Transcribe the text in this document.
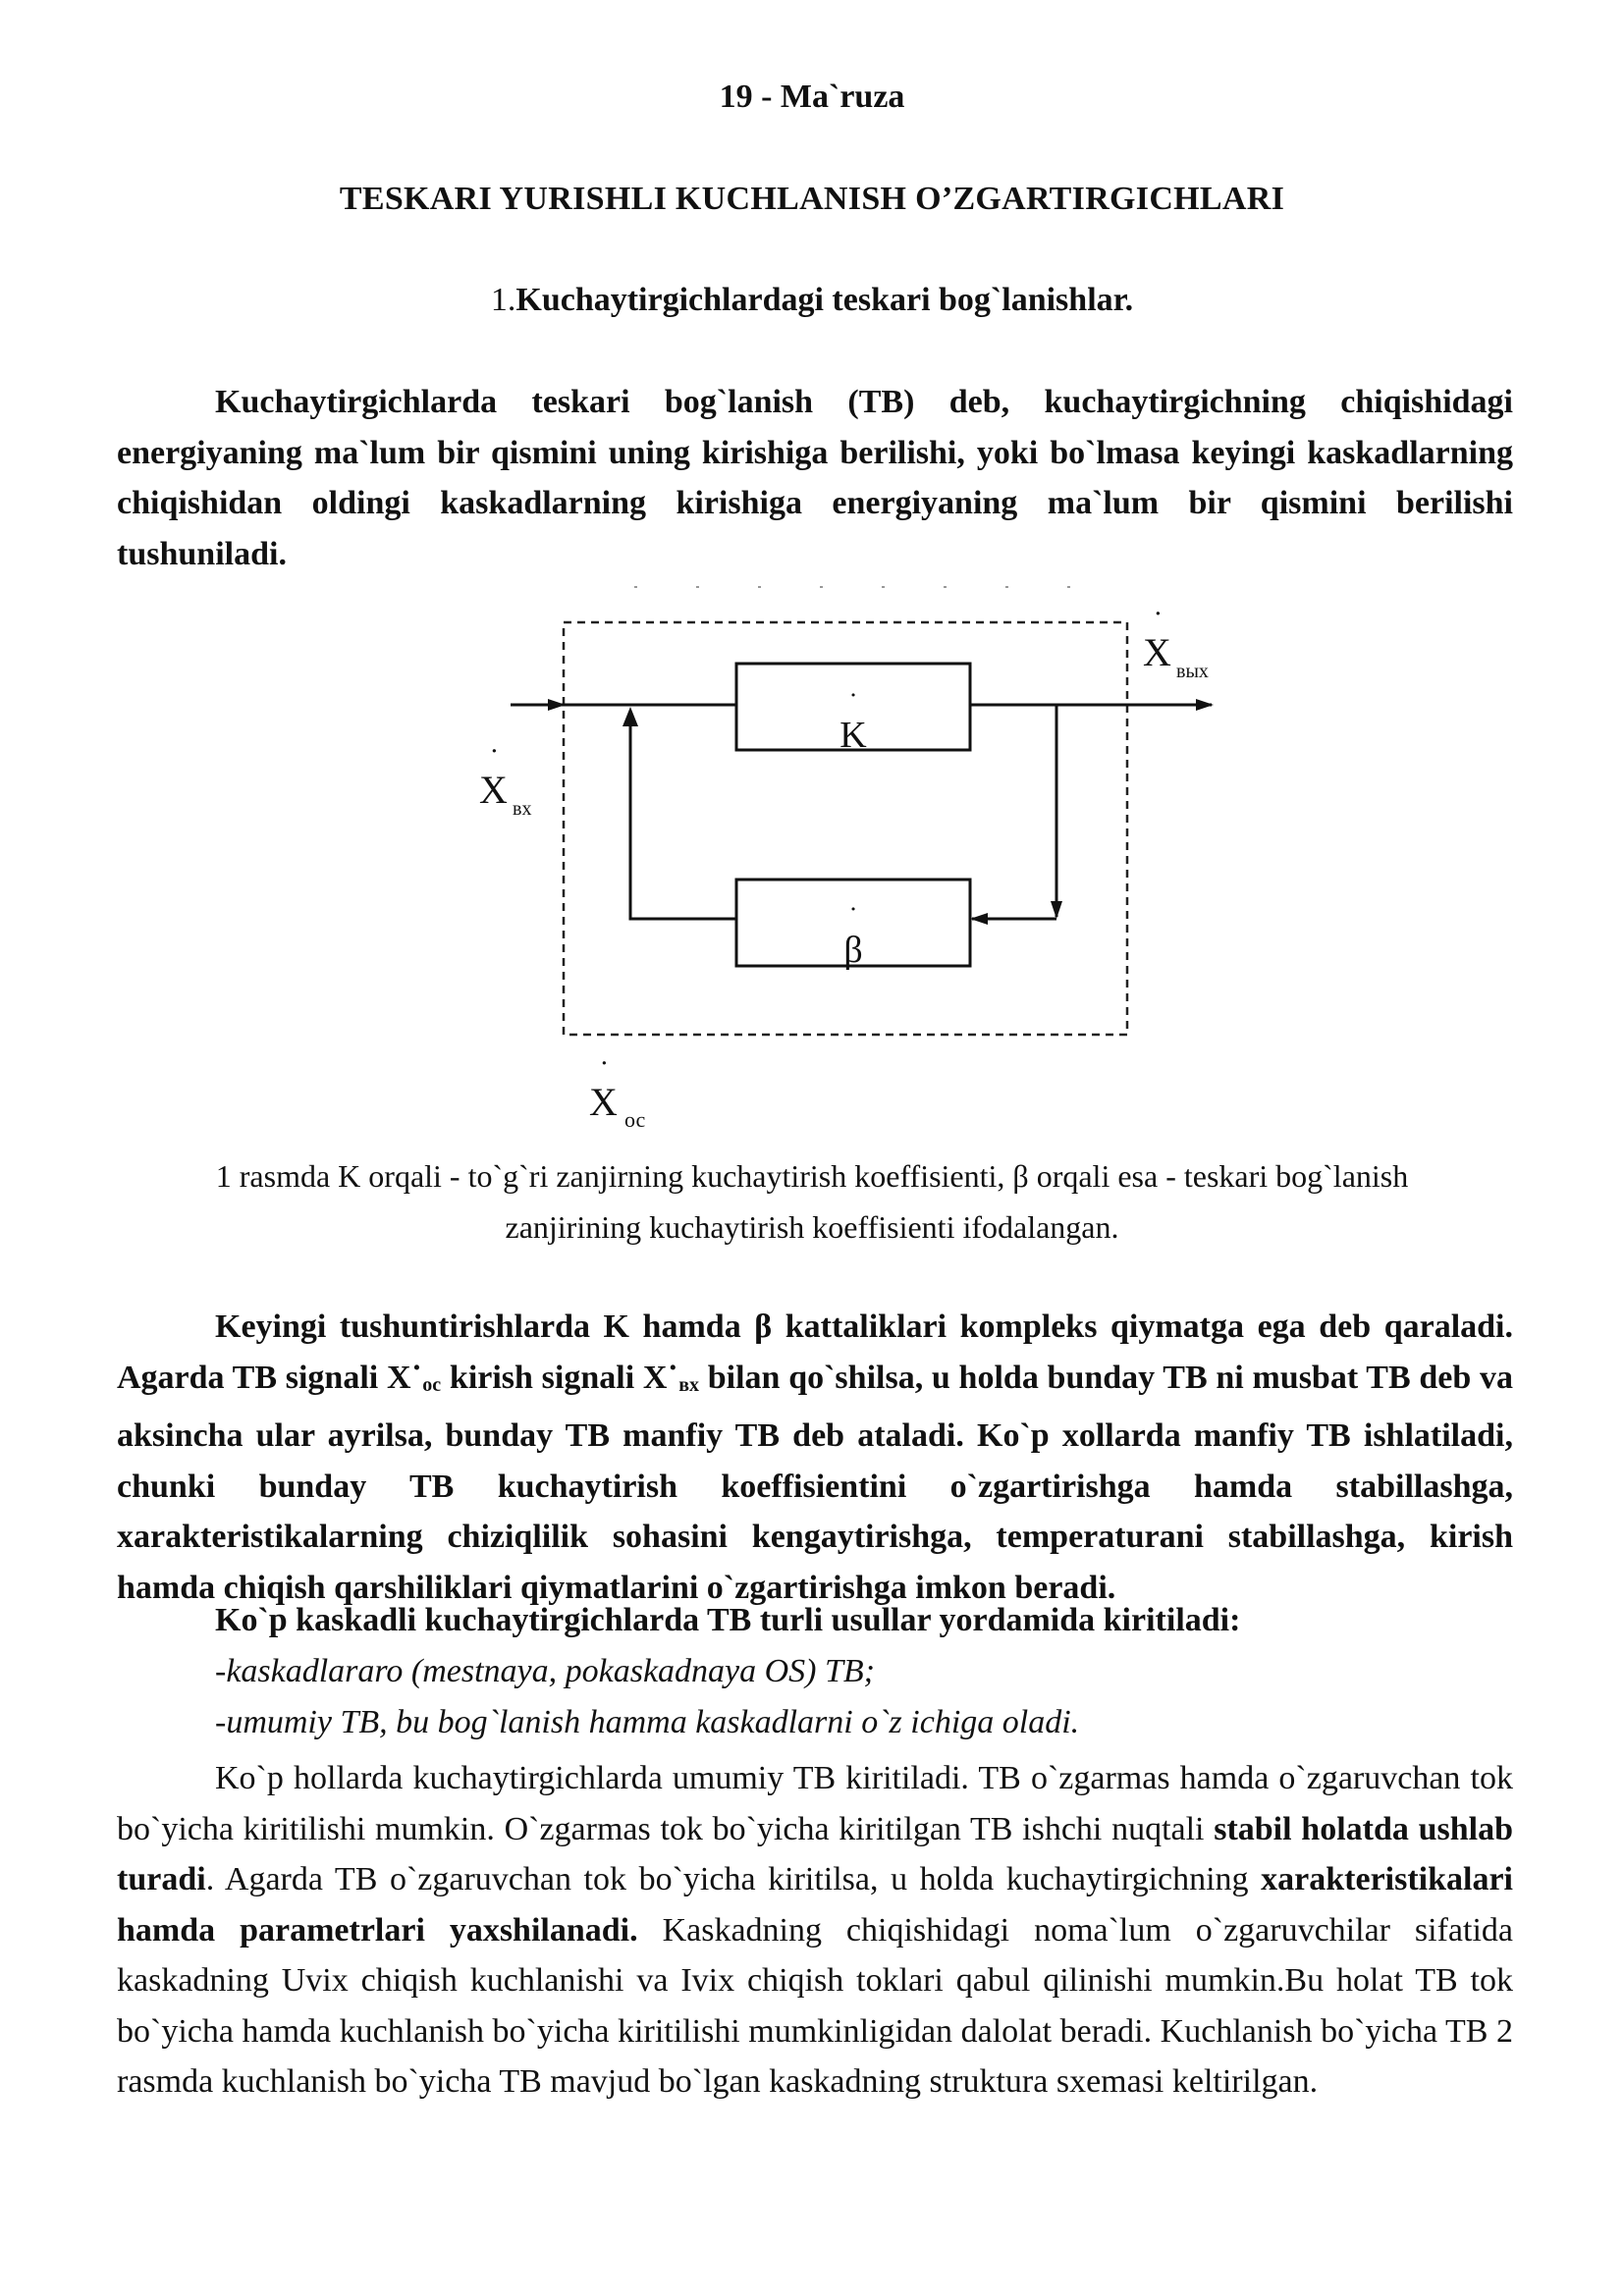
19 - Ma`ruza

TESKARI YURISHLI KUCHLANISH O’ZGARTIRGICHLARI

1.Kuchaytirgichlardagi teskari bog`lanishlar.

Kuchaytirgichlarda teskari bog`lanish (TB) deb, kuchaytirgichning chiqishidagi energiyaning ma`lum bir qismini uning kirishiga berilishi, yoki bo`lmasa keyingi kaskadlarning chiqishidan oldingi kaskadlarning kirishiga energiyaning ma`lum bir qismini berilishi tushuniladi.

K
˙
β
˙
X
˙
вх
X
˙
вых
X
˙
ос

1 rasmda K orqali - to`g`ri zanjirning kuchaytirish koeffisienti, β orqali esa - teskari bog`lanish zanjirining kuchaytirish koeffisienti ifodalangan.

Keyingi tushuntirishlarda K hamda β kattaliklari kompleks qiymatga ega deb qaraladi. Agarda TB signali $X˙_{oc}$ kirish signali $X˙_{вх}$ bilan qo`shilsa, u holda bunday TB ni musbat TB deb va aksincha ular ayrilsa, bunday TB manfiy TB deb ataladi. Ko`p xollarda manfiy TB ishlatiladi, chunki bunday TB kuchaytirish koeffisientini o`zgartirishga hamda stabillashga, xarakteristikalarning chiziqlilik sohasini kengaytirishga, temperaturani stabillashga, kirish hamda chiqish qarshiliklari qiymatlarini o`zgartirishga imkon beradi.

Ko`p kaskadli kuchaytirgichlarda TB turli usullar yordamida kiritiladi:

-kaskadlararo (mestnaya, pokaskadnaya OS) TB;

-umumiy TB, bu bog`lanish hamma kaskadlarni o`z ichiga oladi.

Ko`p hollarda kuchaytirgichlarda umumiy TB kiritiladi. TB o`zgarmas hamda o`zgaruvchan tok bo`yicha kiritilishi mumkin. O`zgarmas tok bo`yicha kiritilgan TB ishchi nuqtali stabil holatda ushlab turadi. Agarda TB o`zgaruvchan tok bo`yicha kiritilsa, u holda kuchaytirgichning xarakteristikalari hamda parametrlari yaxshilanadi. Kaskadning chiqishidagi noma`lum o`zgaruvchilar sifatida kaskadning Uvix chiqish kuchlanishi va Ivix chiqish toklari qabul qilinishi mumkin.Bu holat TB tok bo`yicha hamda kuchlanish bo`yicha kiritilishi mumkinligidan dalolat beradi. Kuchlanish bo`yicha TB 2 rasmda kuchlanish bo`yicha TB mavjud bo`lgan kaskadning struktura sxemasi keltirilgan.
